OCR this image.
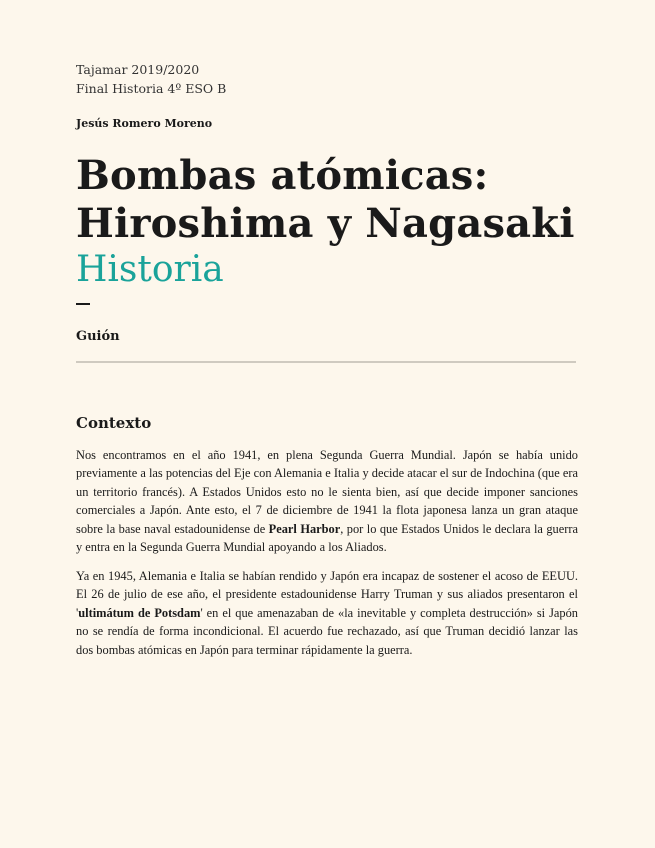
Tajamar 2019/2020
Final Historia 4º ESO B
Jesús Romero Moreno
Bombas atómicas: Hiroshima y Nagasaki
Historia
Guión
Contexto

Nos encontramos en el año 1941, en plena Segunda Guerra Mundial. Japón se había unido previamente a las potencias del Eje con Alemania e Italia y decide atacar el sur de Indochina (que era un territorio francés). A Estados Unidos esto no le sienta bien, así que decide imponer sanciones comerciales a Japón. Ante esto, el 7 de diciembre de 1941 la flota japonesa lanza un gran ataque sobre la base naval estadounidense de Pearl Harbor, por lo que Estados Unidos le declara la guerra y entra en la Segunda Guerra Mundial apoyando a los Aliados.

Ya en 1945, Alemania e Italia se habían rendido y Japón era incapaz de sostener el acoso de EEUU. El 26 de julio de ese año, el presidente estadounidense Harry Truman y sus aliados presentaron el 'ultimátum de Potsdam' en el que amenazaban de «la inevitable y completa destrucción» si Japón no se rendía de forma incondicional. El acuerdo fue rechazado, así que Truman decidió lanzar las dos bombas atómicas en Japón para terminar rápidamente la guerra.
